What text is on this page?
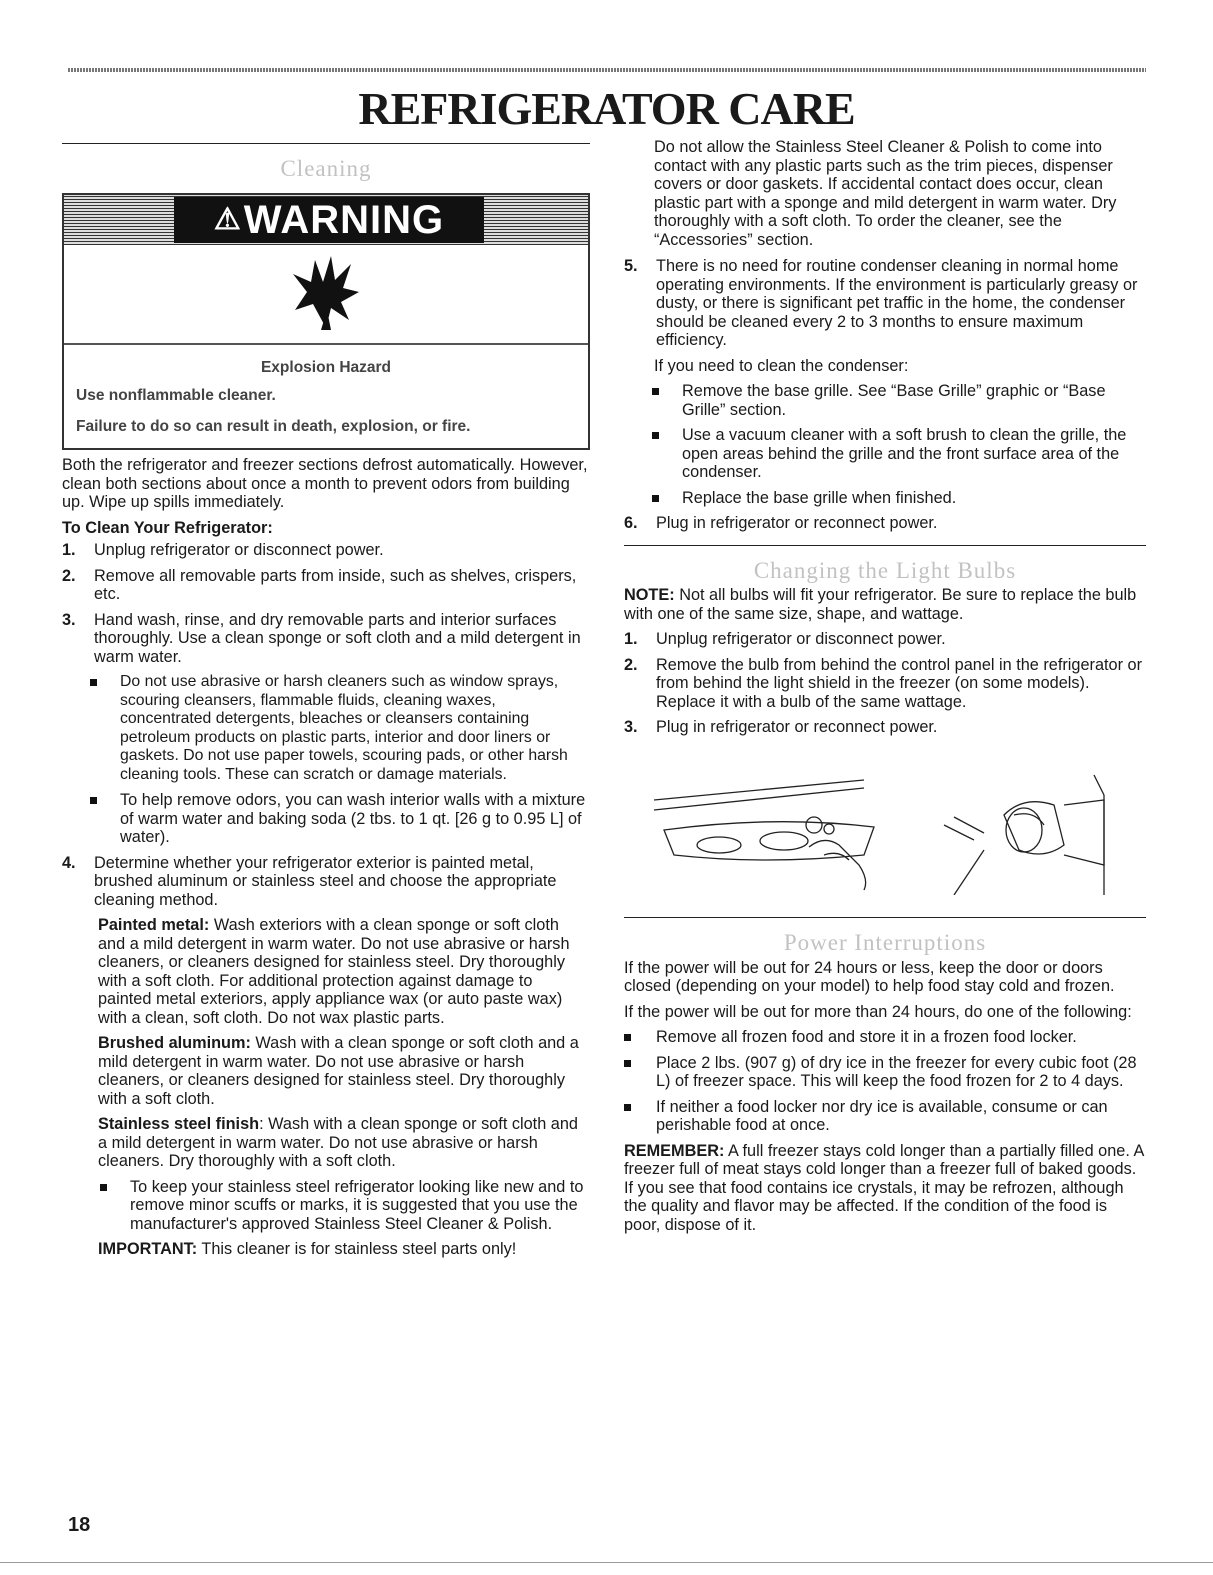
REFRIGERATOR CARE
Cleaning
⚠WARNING
Explosion Hazard

Use nonflammable cleaner.

Failure to do so can result in death, explosion, or fire.

Both the refrigerator and freezer sections defrost automatically. However, clean both sections about once a month to prevent odors from building up. Wipe up spills immediately.

To Clean Your Refrigerator:
1. Unplug refrigerator or disconnect power.
2. Remove all removable parts from inside, such as shelves, crispers, etc.
3. Hand wash, rinse, and dry removable parts and interior surfaces thoroughly. Use a clean sponge or soft cloth and a mild detergent in warm water.
Do not use abrasive or harsh cleaners such as window sprays, scouring cleansers, flammable fluids, cleaning waxes, concentrated detergents, bleaches or cleansers containing petroleum products on plastic parts, interior and door liners or gaskets. Do not use paper towels, scouring pads, or other harsh cleaning tools. These can scratch or damage materials.
To help remove odors, you can wash interior walls with a mixture of warm water and baking soda (2 tbs. to 1 qt. [26 g to 0.95 L] of water).
4. Determine whether your refrigerator exterior is painted metal, brushed aluminum or stainless steel and choose the appropriate cleaning method.

Painted metal: Wash exteriors with a clean sponge or soft cloth and a mild detergent in warm water. Do not use abrasive or harsh cleaners, or cleaners designed for stainless steel. Dry thoroughly with a soft cloth. For additional protection against damage to painted metal exteriors, apply appliance wax (or auto paste wax) with a clean, soft cloth. Do not wax plastic parts.

Brushed aluminum: Wash with a clean sponge or soft cloth and a mild detergent in warm water. Do not use abrasive or harsh cleaners, or cleaners designed for stainless steel. Dry thoroughly with a soft cloth.

Stainless steel finish: Wash with a clean sponge or soft cloth and a mild detergent in warm water. Do not use abrasive or harsh cleaners. Dry thoroughly with a soft cloth.

To keep your stainless steel refrigerator looking like new and to remove minor scuffs or marks, it is suggested that you use the manufacturer's approved Stainless Steel Cleaner & Polish.

IMPORTANT: This cleaner is for stainless steel parts only!

Do not allow the Stainless Steel Cleaner & Polish to come into contact with any plastic parts such as the trim pieces, dispenser covers or door gaskets. If accidental contact does occur, clean plastic part with a sponge and mild detergent in warm water. Dry thoroughly with a soft cloth. To order the cleaner, see the “Accessories” section.

5. There is no need for routine condenser cleaning in normal home operating environments. If the environment is particularly greasy or dusty, or there is significant pet traffic in the home, the condenser should be cleaned every 2 to 3 months to ensure maximum efficiency.

If you need to clean the condenser:

Remove the base grille. See “Base Grille” graphic or “Base Grille” section.
Use a vacuum cleaner with a soft brush to clean the grille, the open areas behind the grille and the front surface area of the condenser.
Replace the base grille when finished.
6. Plug in refrigerator or reconnect power.
Changing the Light Bulbs

NOTE: Not all bulbs will fit your refrigerator. Be sure to replace the bulb with one of the same size, shape, and wattage.

1. Unplug refrigerator or disconnect power.
2. Remove the bulb from behind the control panel in the refrigerator or from behind the light shield in the freezer (on some models). Replace it with a bulb of the same wattage.
3. Plug in refrigerator or reconnect power.
Power Interruptions

If the power will be out for 24 hours or less, keep the door or doors closed (depending on your model) to help food stay cold and frozen.

If the power will be out for more than 24 hours, do one of the following:

Remove all frozen food and store it in a frozen food locker.
Place 2 lbs. (907 g) of dry ice in the freezer for every cubic foot (28 L) of freezer space. This will keep the food frozen for 2 to 4 days.
If neither a food locker nor dry ice is available, consume or can perishable food at once.

REMEMBER: A full freezer stays cold longer than a partially filled one. A freezer full of meat stays cold longer than a freezer full of baked goods. If you see that food contains ice crystals, it may be refrozen, although the quality and flavor may be affected. If the condition of the food is poor, dispose of it.

18
